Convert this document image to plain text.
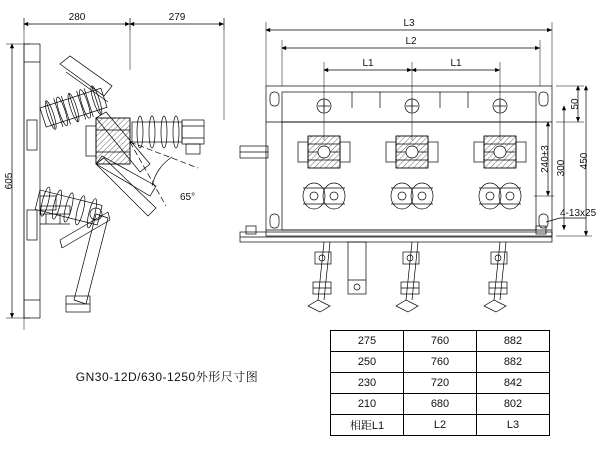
280	279
605
65°
L3
L2
L1	L1
50
240±3 300 450
4-13x25
GN30-12D/630-1250外形尺寸图
275	760	882
250	760	882
230	720	842
210	680	802
相距L1	L2	L3
